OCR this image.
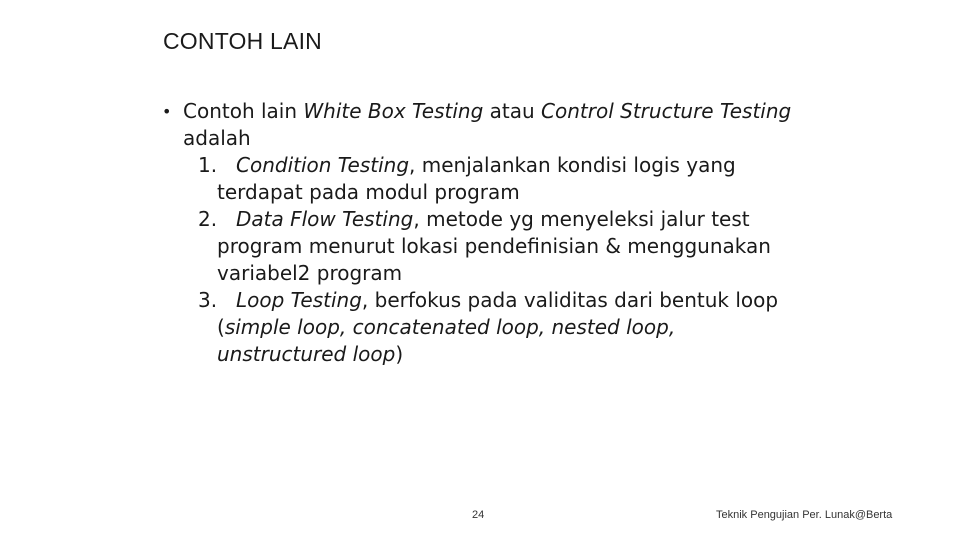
CONTOH LAIN
• Contoh lain White Box Testing atau Control Structure Testing adalah
1. Condition Testing, menjalankan kondisi logis yang terdapat pada modul program
2. Data Flow Testing, metode yg menyeleksi jalur test program menurut lokasi pendefinisian & menggunakan variabel2 program
3. Loop Testing, berfokus pada validitas dari bentuk loop (simple loop, concatenated loop, nested loop, unstructured loop)
24	Teknik Pengujian Per. Lunak@Berta
